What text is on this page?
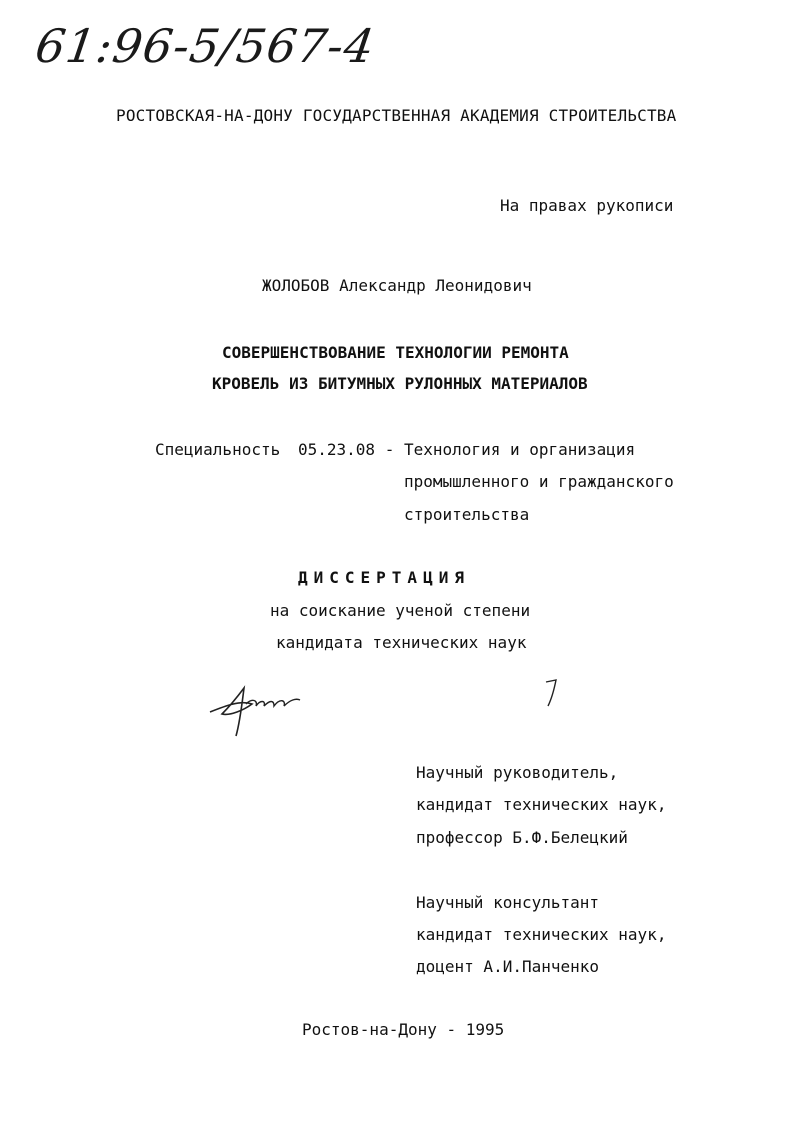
61:96-5/567-4

РОСТОВСКАЯ-НА-ДОНУ ГОСУДАРСТВЕННАЯ АКАДЕМИЯ СТРОИТЕЛЬСТВА

На правах рукописи

ЖОЛОБОВ Александр Леонидович

СОВЕРШЕНСТВОВАНИЕ ТЕХНОЛОГИИ РЕМОНТА

КРОВЕЛЬ ИЗ БИТУМНЫХ РУЛОННЫХ МАТЕРИАЛОВ

Специальность 05.23.08 - Технология и организация

промышленного и гражданского

строительства

ДИССЕРТАЦИЯ

на соискание ученой степени

кандидата технических наук

Научный руководитель,

кандидат технических наук,

профессор Б.Ф.Белецкий

Научный консультант

кандидат технических наук,

доцент А.И.Панченко

Ростов-на-Дону - 1995
